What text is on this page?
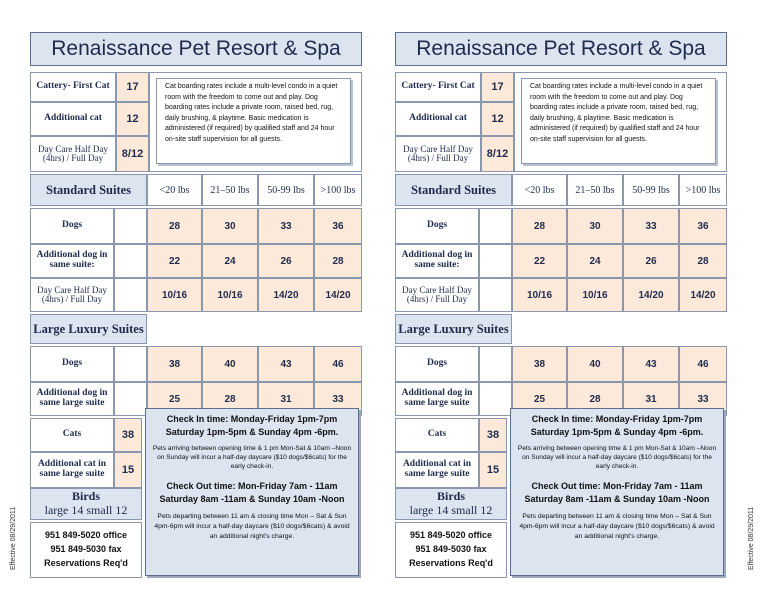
Renaissance Pet Resort & Spa
Cattery- First Cat	17
Additional cat	12
Day Care Half Day (4hrs) / Full Day	8/12
Cat boarding rates include a multi-level condo in a quiet room with the freedom to come out and play. Dog boarding rates include a private room, raised bed, rug, daily brushing, & playtime. Basic medication is administered (if required) by qualified staff and 24 hour on-site staff supervision for all guests.
Standard Suites	<20 lbs	21–50 lbs	50-99 lbs	>100 lbs
Dogs	28	30	33	36
Additional dog in same suite:	22	24	26	28
Day Care Half Day (4hrs) / Full Day	10/16	10/16	14/20	14/20
Large Luxury Suites
Dogs	38	40	43	46
Additional dog in same large suite	25	28	31	33
Cats	38
Additional cat in same large suite	15
Birds
large 14 small 12
951 849-5020 office
951 849-5030 fax
Reservations Req'd
Check In time: Monday-Friday 1pm-7pm
Saturday 1pm-5pm & Sunday 4pm -6pm.
Pets arriving between opening time & 1 pm Mon-Sat & 10am –Noon on Sunday will incur a half-day daycare ($10 dogs/$6cats) for the early check-in.
Check Out time: Mon-Friday 7am - 11am
Saturday 8am -11am & Sunday 10am -Noon
Pets departing between 11 am & closing time Mon – Sat & Sun 4pm-6pm will incur a half-day daycare ($10 dogs/$6cats) & avoid an additional night's charge.
Renaissance Pet Resort & Spa
Cattery- First Cat	17
Additional cat	12
Day Care Half Day (4hrs) / Full Day	8/12
Cat boarding rates include a multi-level condo in a quiet room with the freedom to come out and play. Dog boarding rates include a private room, raised bed, rug, daily brushing, & playtime. Basic medication is administered (if required) by qualified staff and 24 hour on-site staff supervision for all guests.
Standard Suites	<20 lbs	21–50 lbs	50-99 lbs	>100 lbs
Dogs	28	30	33	36
Additional dog in same suite:	22	24	26	28
Day Care Half Day (4hrs) / Full Day	10/16	10/16	14/20	14/20
Large Luxury Suites
Dogs	38	40	43	46
Additional dog in same large suite	25	28	31	33
Cats	38
Additional cat in same large suite	15
Birds
large 14 small 12
951 849-5020 office
951 849-5030 fax
Reservations Req'd
Check In time: Monday-Friday 1pm-7pm
Saturday 1pm-5pm & Sunday 4pm -6pm.
Pets arriving between opening time & 1 pm Mon-Sat & 10am –Noon on Sunday will incur a half-day daycare ($10 dogs/$6cats) for the early check-in.
Check Out time: Mon-Friday 7am - 11am
Saturday 8am -11am & Sunday 10am -Noon
Pets departing between 11 am & closing time Mon – Sat & Sun 4pm-6pm will incur a half-day daycare ($10 dogs/$6cats) & avoid an additional night's charge.
Effective 08/29/2011	Effective 08/29/2011
